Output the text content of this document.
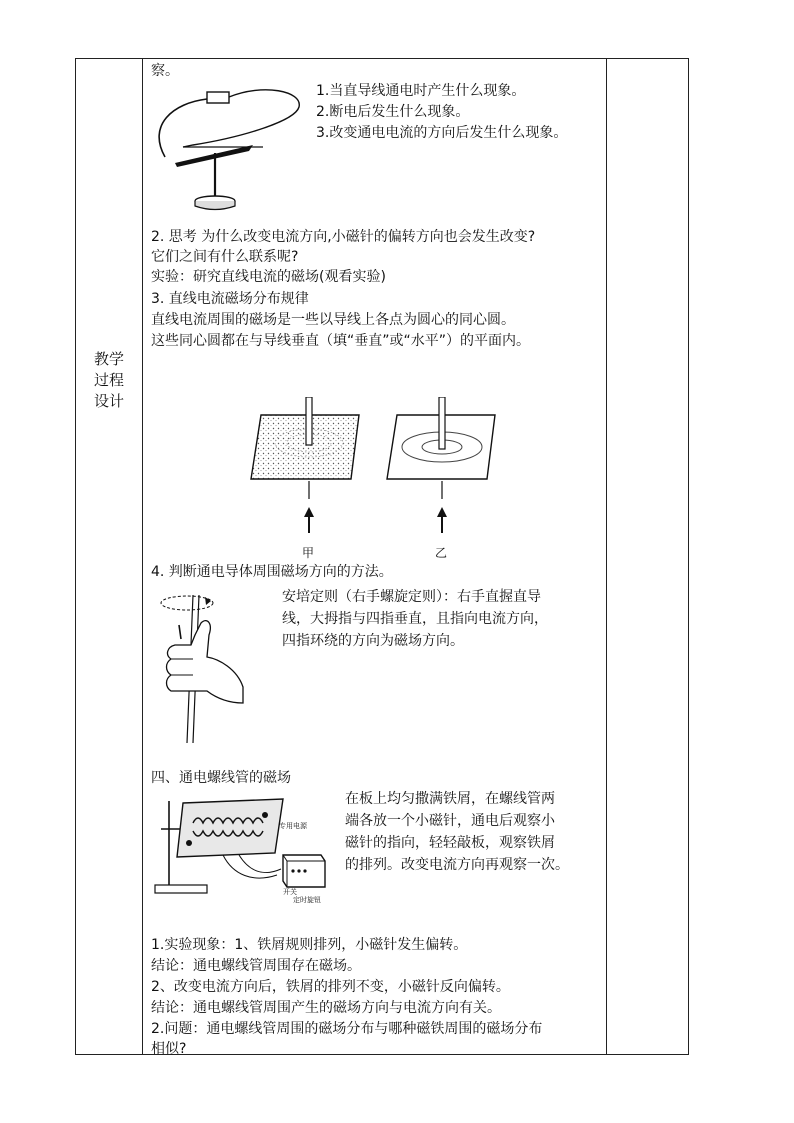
教学
过程
设计
察。
1.当直导线通电时产生什么现象。
2.断电后发生什么现象。
3.改变通电电流的方向后发生什么现象。
2. 思考 为什么改变电流方向,小磁针的偏转方向也会发生改变?
它们之间有什么联系呢?
实验：研究直线电流的磁场(观看实验)
3. 直线电流磁场分布规律
直线电流周围的磁场是一些以导线上各点为圆心的同心圆。
这些同心圆都在与导线垂直（填“垂直”或“水平”）的平面内。
甲	乙
4. 判断通电导体周围磁场方向的方法。
安培定则（右手螺旋定则）：右手直握直导
线，大拇指与四指垂直，且指向电流方向，
四指环绕的方向为磁场方向。
四、通电螺线管的磁场
专用电源
开关
定时旋钮
在板上均匀撒满铁屑，在螺线管两
端各放一个小磁针，通电后观察小
磁针的指向，轻轻敲板，观察铁屑
的排列。改变电流方向再观察一次。
1.实验现象：1、铁屑规则排列，小磁针发生偏转。
结论：通电螺线管周围存在磁场。
2、改变电流方向后，铁屑的排列不变，小磁针反向偏转。
结论：通电螺线管周围产生的磁场方向与电流方向有关。
2.问题：通电螺线管周围的磁场分布与哪种磁铁周围的磁场分布
相似?
